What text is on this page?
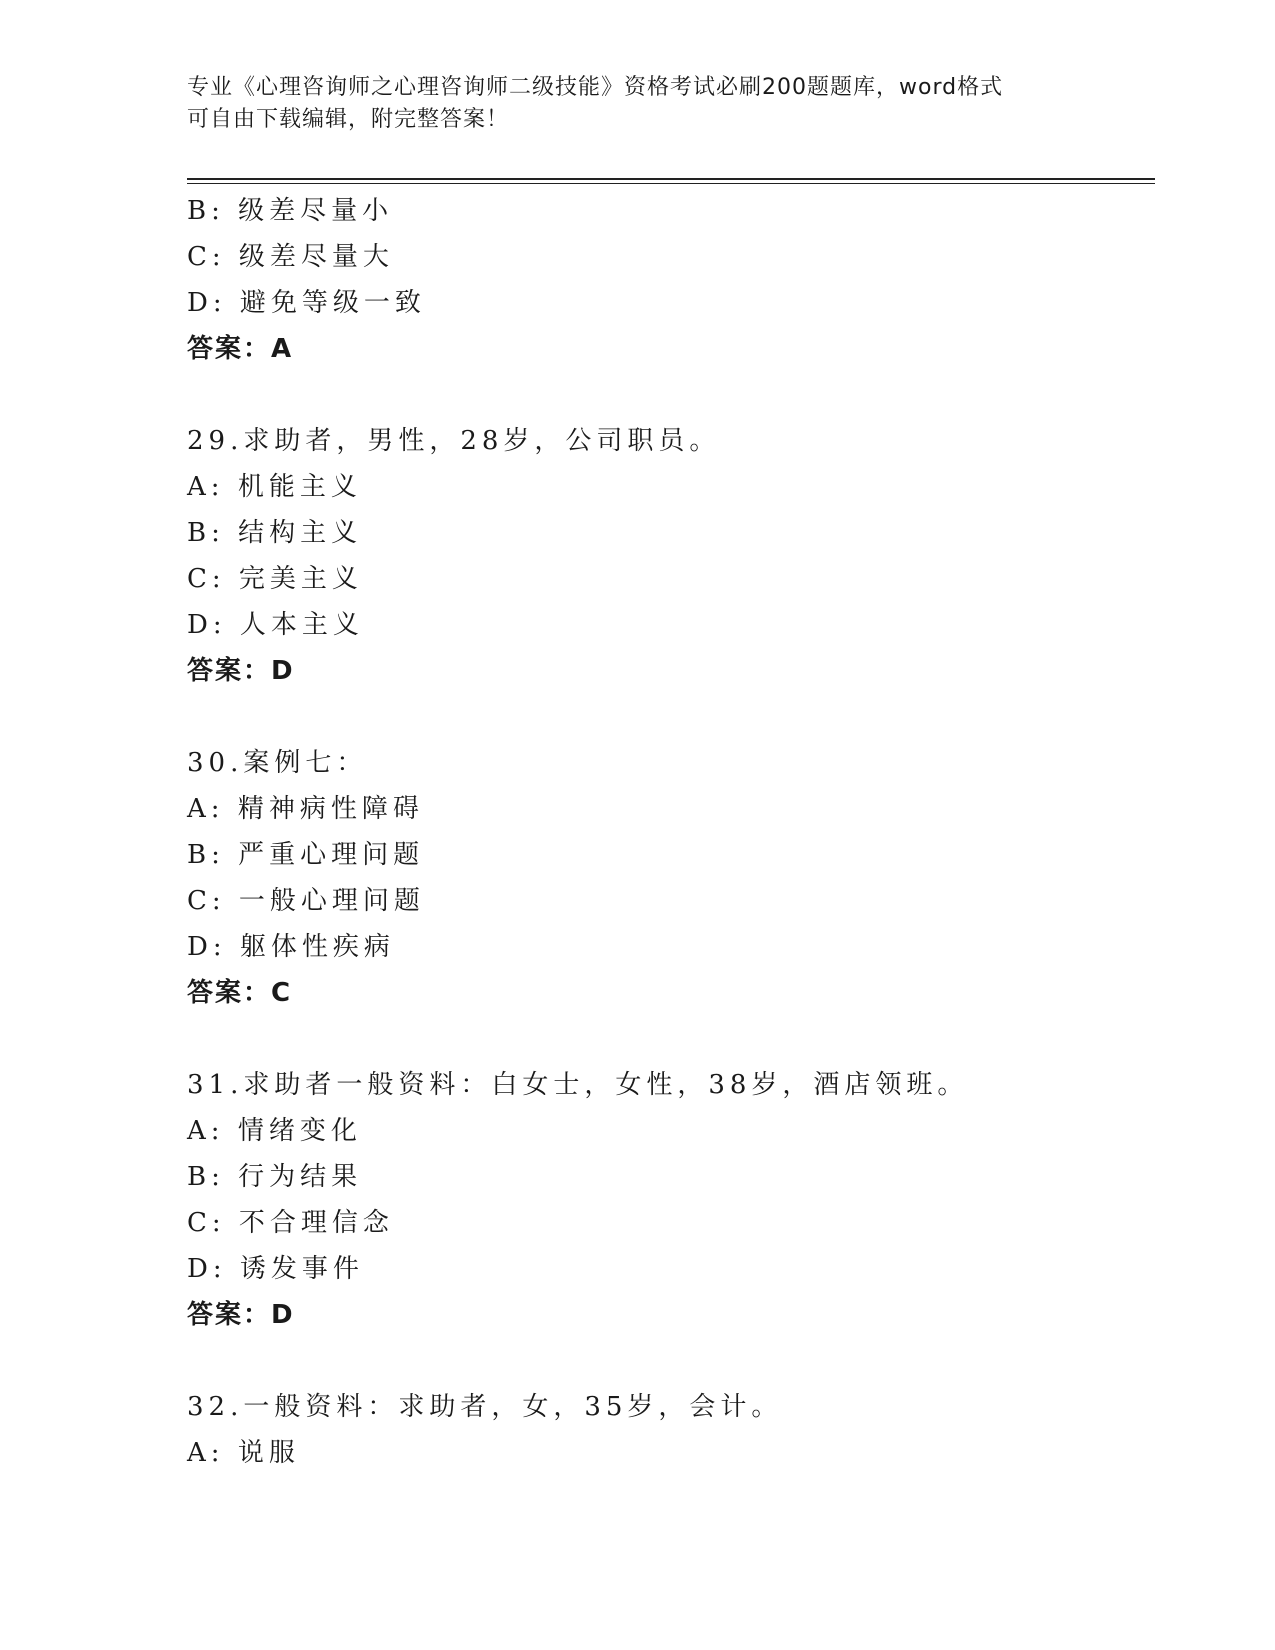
专业《心理咨询师之心理咨询师二级技能》资格考试必刷200题题库，word格式
可自由下载编辑，附完整答案！
B: 级差尽量小
C: 级差尽量大
D: 避免等级一致
答案：A
29.求助者，男性，28岁，公司职员。
A: 机能主义
B: 结构主义
C: 完美主义
D: 人本主义
答案：D
30.案例七：
A: 精神病性障碍
B: 严重心理问题
C: 一般心理问题
D: 躯体性疾病
答案：C
31.求助者一般资料：白女士，女性，38岁，酒店领班。
A: 情绪变化
B: 行为结果
C: 不合理信念
D: 诱发事件
答案：D
32.一般资料：求助者，女，35岁，会计。
A: 说服
